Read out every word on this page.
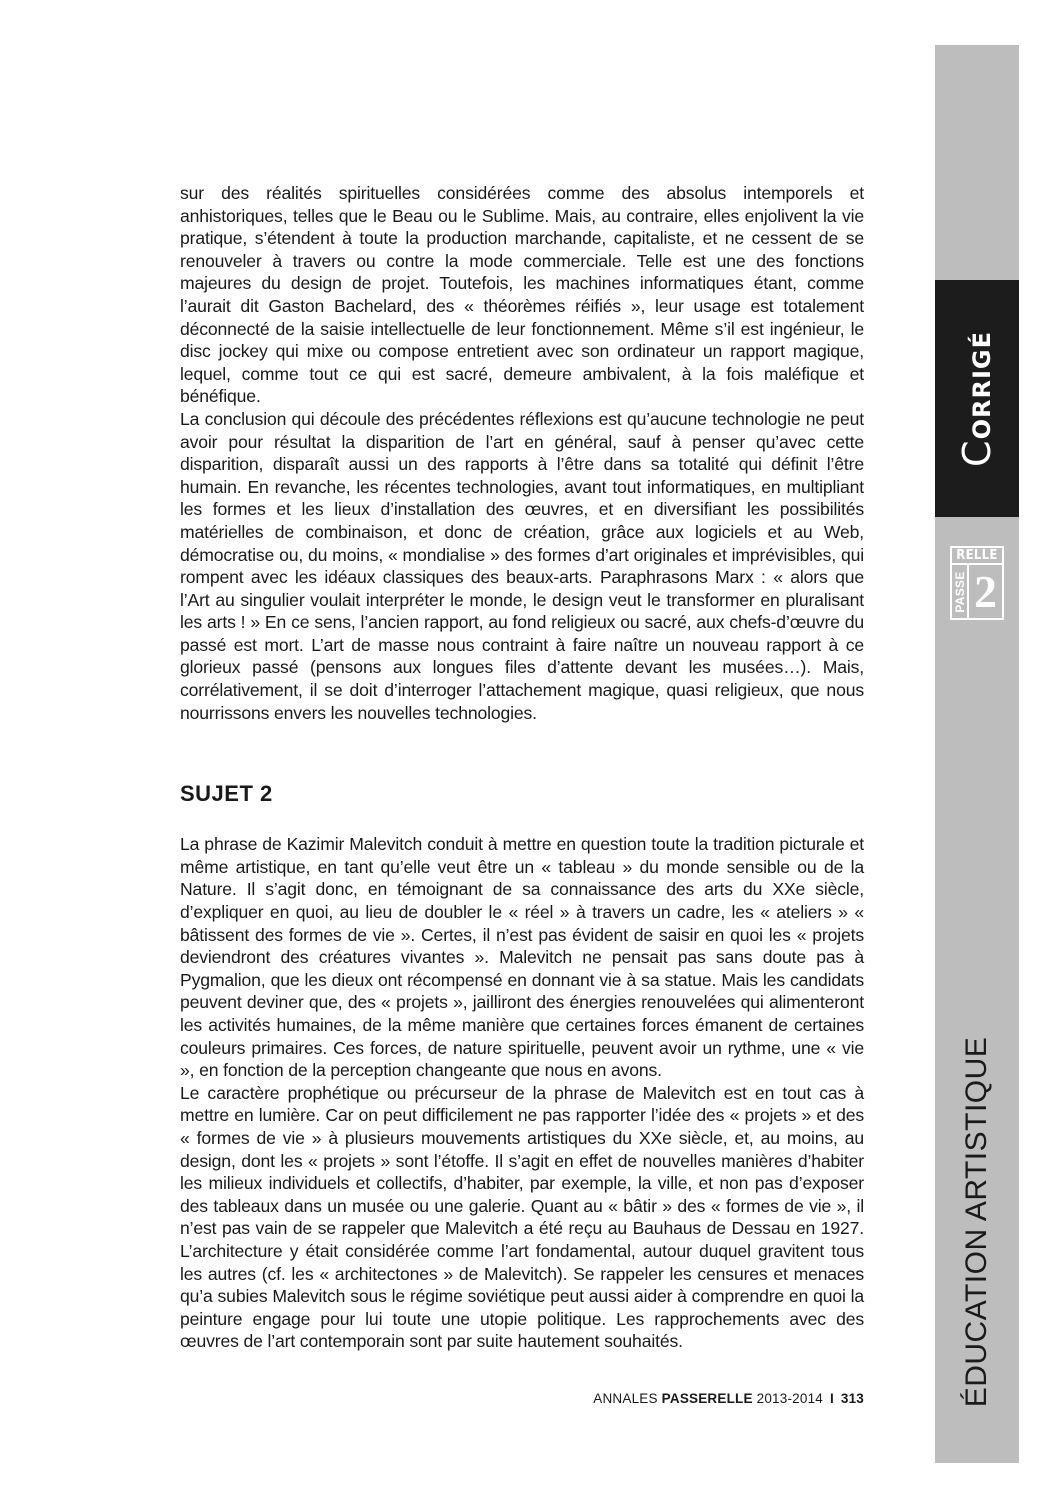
sur des réalités spirituelles considérées comme des absolus intemporels et anhistoriques, telles que le Beau ou le Sublime. Mais, au contraire, elles enjolivent la vie pratique, s’étendent à toute la production marchande, capitaliste, et ne cessent de se renouveler à travers ou contre la mode commerciale. Telle est une des fonctions majeures du design de projet. Toutefois, les machines informatiques étant, comme l’aurait dit Gaston Bachelard, des « théorèmes réifiés », leur usage est totalement déconnecté de la saisie intellectuelle de leur fonctionnement. Même s’il est ingénieur, le disc jockey qui mixe ou compose entretient avec son ordinateur un rapport magique, lequel, comme tout ce qui est sacré, demeure ambivalent, à la fois maléfique et bénéfique.

La conclusion qui découle des précédentes réflexions est qu’aucune technologie ne peut avoir pour résultat la disparition de l’art en général, sauf à penser qu’avec cette disparition, disparaît aussi un des rapports à l’être dans sa totalité qui définit l’être humain. En revanche, les récentes technologies, avant tout informatiques, en multipliant les formes et les lieux d’installation des œuvres, et en diversifiant les possibilités matérielles de combinaison, et donc de création, grâce aux logiciels et au Web, démocratise ou, du moins, « mondialise » des formes d’art originales et imprévisibles, qui rompent avec les idéaux classiques des beaux-arts. Paraphrasons Marx : « alors que l’Art au singulier voulait interpréter le monde, le design veut le transformer en pluralisant les arts ! » En ce sens, l’ancien rapport, au fond religieux ou sacré, aux chefs-d’œuvre du passé est mort. L’art de masse nous contraint à faire naître un nouveau rapport à ce glorieux passé (pensons aux longues files d’attente devant les musées…). Mais, corrélativement, il se doit d’interroger l’attachement magique, quasi religieux, que nous nourrissons envers les nouvelles technologies.

SUJET 2

La phrase de Kazimir Malevitch conduit à mettre en question toute la tradition picturale et même artistique, en tant qu’elle veut être un « tableau » du monde sensible ou de la Nature. Il s’agit donc, en témoignant de sa connaissance des arts du XXe siècle, d’expliquer en quoi, au lieu de doubler le « réel » à travers un cadre, les « ateliers » « bâtissent des formes de vie ». Certes, il n’est pas évident de saisir en quoi les « projets deviendront des créatures vivantes ». Malevitch ne pensait pas sans doute pas à Pygmalion, que les dieux ont récompensé en donnant vie à sa statue. Mais les candidats peuvent deviner que, des « projets », jailliront des énergies renouvelées qui alimenteront les activités humaines, de la même manière que certaines forces émanent de certaines couleurs primaires. Ces forces, de nature spirituelle, peuvent avoir un rythme, une « vie », en fonction de la perception changeante que nous en avons.

Le caractère prophétique ou précurseur de la phrase de Malevitch est en tout cas à mettre en lumière. Car on peut difficilement ne pas rapporter l’idée des « projets » et des « formes de vie » à plusieurs mouvements artistiques du XXe siècle, et, au moins, au design, dont les « projets » sont l’étoffe. Il s’agit en effet de nouvelles manières d’habiter les milieux individuels et collectifs, d’habiter, par exemple, la ville, et non pas d’exposer des tableaux dans un musée ou une galerie. Quant au « bâtir » des « formes de vie », il n’est pas vain de se rappeler que Malevitch a été reçu au Bauhaus de Dessau en 1927. L’architecture y était considérée comme l’art fondamental, autour duquel gravitent tous les autres (cf. les « architectones » de Malevitch). Se rappeler les censures et menaces qu’a subies Malevitch sous le régime soviétique peut aussi aider à comprendre en quoi la peinture engage pour lui toute une utopie politique. Les rapprochements avec des œuvres de l’art contemporain sont par suite hautement souhaités.

ANNALES PASSERELLE 2013-2014 I 313
CORRIGÉ
RELLE
PASSE 2
ÉDUCATION ARTISTIQUE
